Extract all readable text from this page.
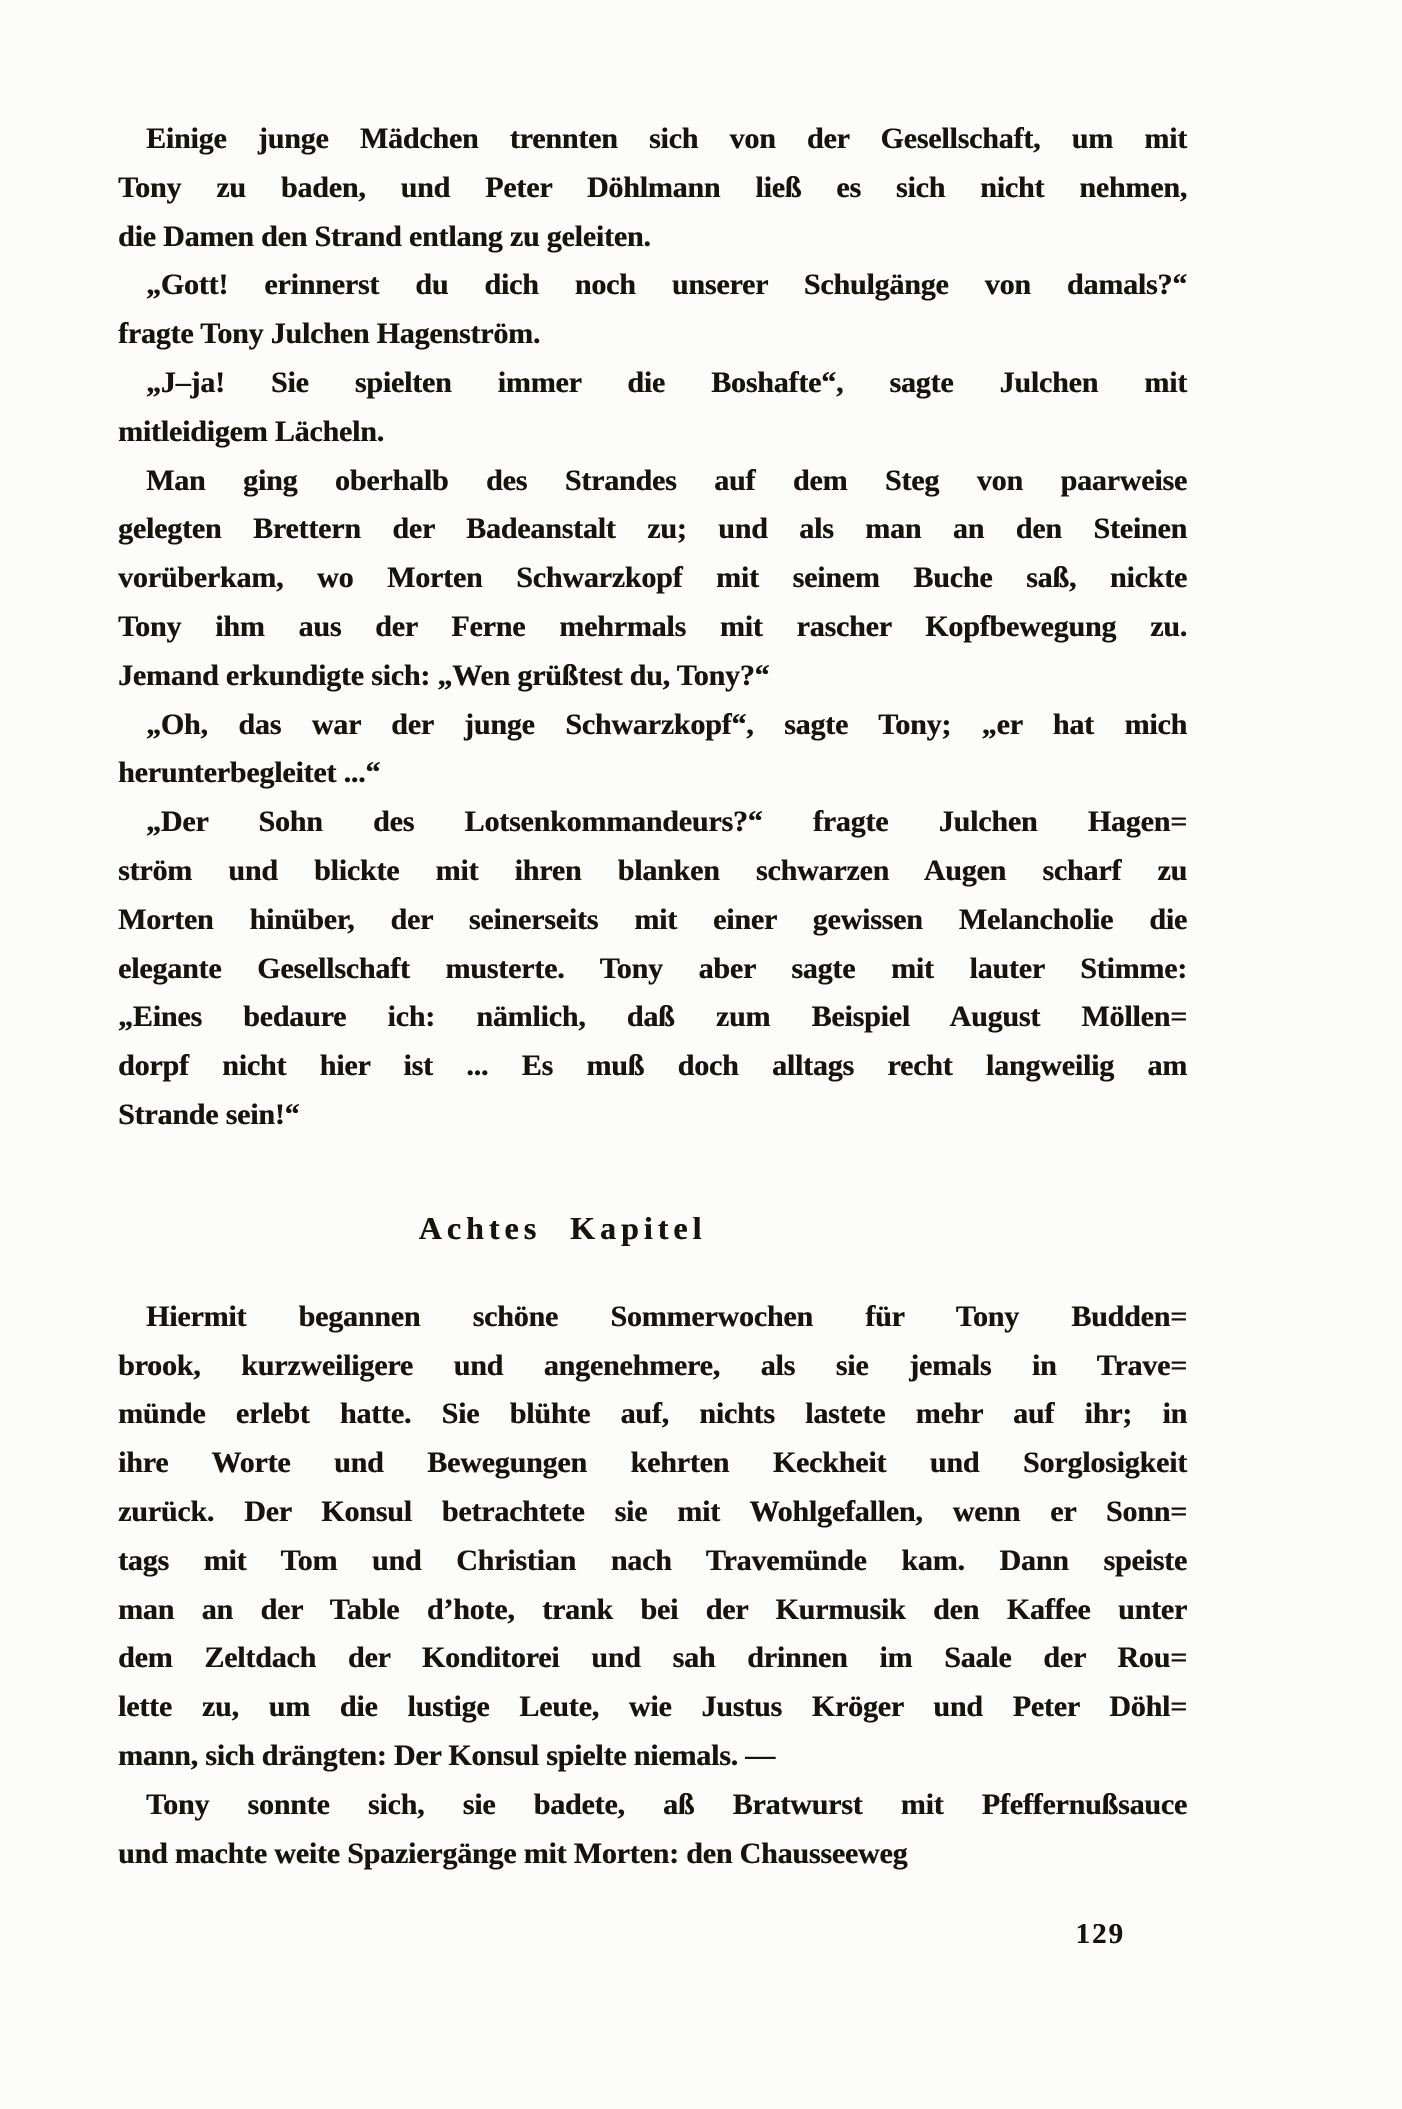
Einige junge Mädchen trennten sich von der Gesellschaft, um mit
Tony zu baden, und Peter Döhlmann ließ es sich nicht nehmen,
die Damen den Strand entlang zu geleiten.
„Gott! erinnerst du dich noch unserer Schulgänge von damals?“
fragte Tony Julchen Hagenström.
„J–ja! Sie spielten immer die Boshafte“, sagte Julchen mit
mitleidigem Lächeln.
Man ging oberhalb des Strandes auf dem Steg von paarweise
gelegten Brettern der Badeanstalt zu; und als man an den Steinen
vorüberkam, wo Morten Schwarzkopf mit seinem Buche saß, nickte
Tony ihm aus der Ferne mehrmals mit rascher Kopfbewegung zu.
Jemand erkundigte sich: „Wen grüßtest du, Tony?“
„Oh, das war der junge Schwarzkopf“, sagte Tony; „er hat mich
herunterbegleitet ...“
„Der Sohn des Lotsenkommandeurs?“ fragte Julchen Hagen=
ström und blickte mit ihren blanken schwarzen Augen scharf zu
Morten hinüber, der seinerseits mit einer gewissen Melancholie die
elegante Gesellschaft musterte. Tony aber sagte mit lauter Stimme:
„Eines bedaure ich: nämlich, daß zum Beispiel August Möllen=
dorpf nicht hier ist ... Es muß doch alltags recht langweilig am
Strande sein!“
Achtes Kapitel
Hiermit begannen schöne Sommerwochen für Tony Budden=
brook, kurzweiligere und angenehmere, als sie jemals in Trave=
münde erlebt hatte. Sie blühte auf, nichts lastete mehr auf ihr; in
ihre Worte und Bewegungen kehrten Keckheit und Sorglosigkeit
zurück. Der Konsul betrachtete sie mit Wohlgefallen, wenn er Sonn=
tags mit Tom und Christian nach Travemünde kam. Dann speiste
man an der Table d’hote, trank bei der Kurmusik den Kaffee unter
dem Zeltdach der Konditorei und sah drinnen im Saale der Rou=
lette zu, um die lustige Leute, wie Justus Kröger und Peter Döhl=
mann, sich drängten: Der Konsul spielte niemals. —
Tony sonnte sich, sie badete, aß Bratwurst mit Pfeffernußsauce
und machte weite Spaziergänge mit Morten: den Chausseeweg
129
